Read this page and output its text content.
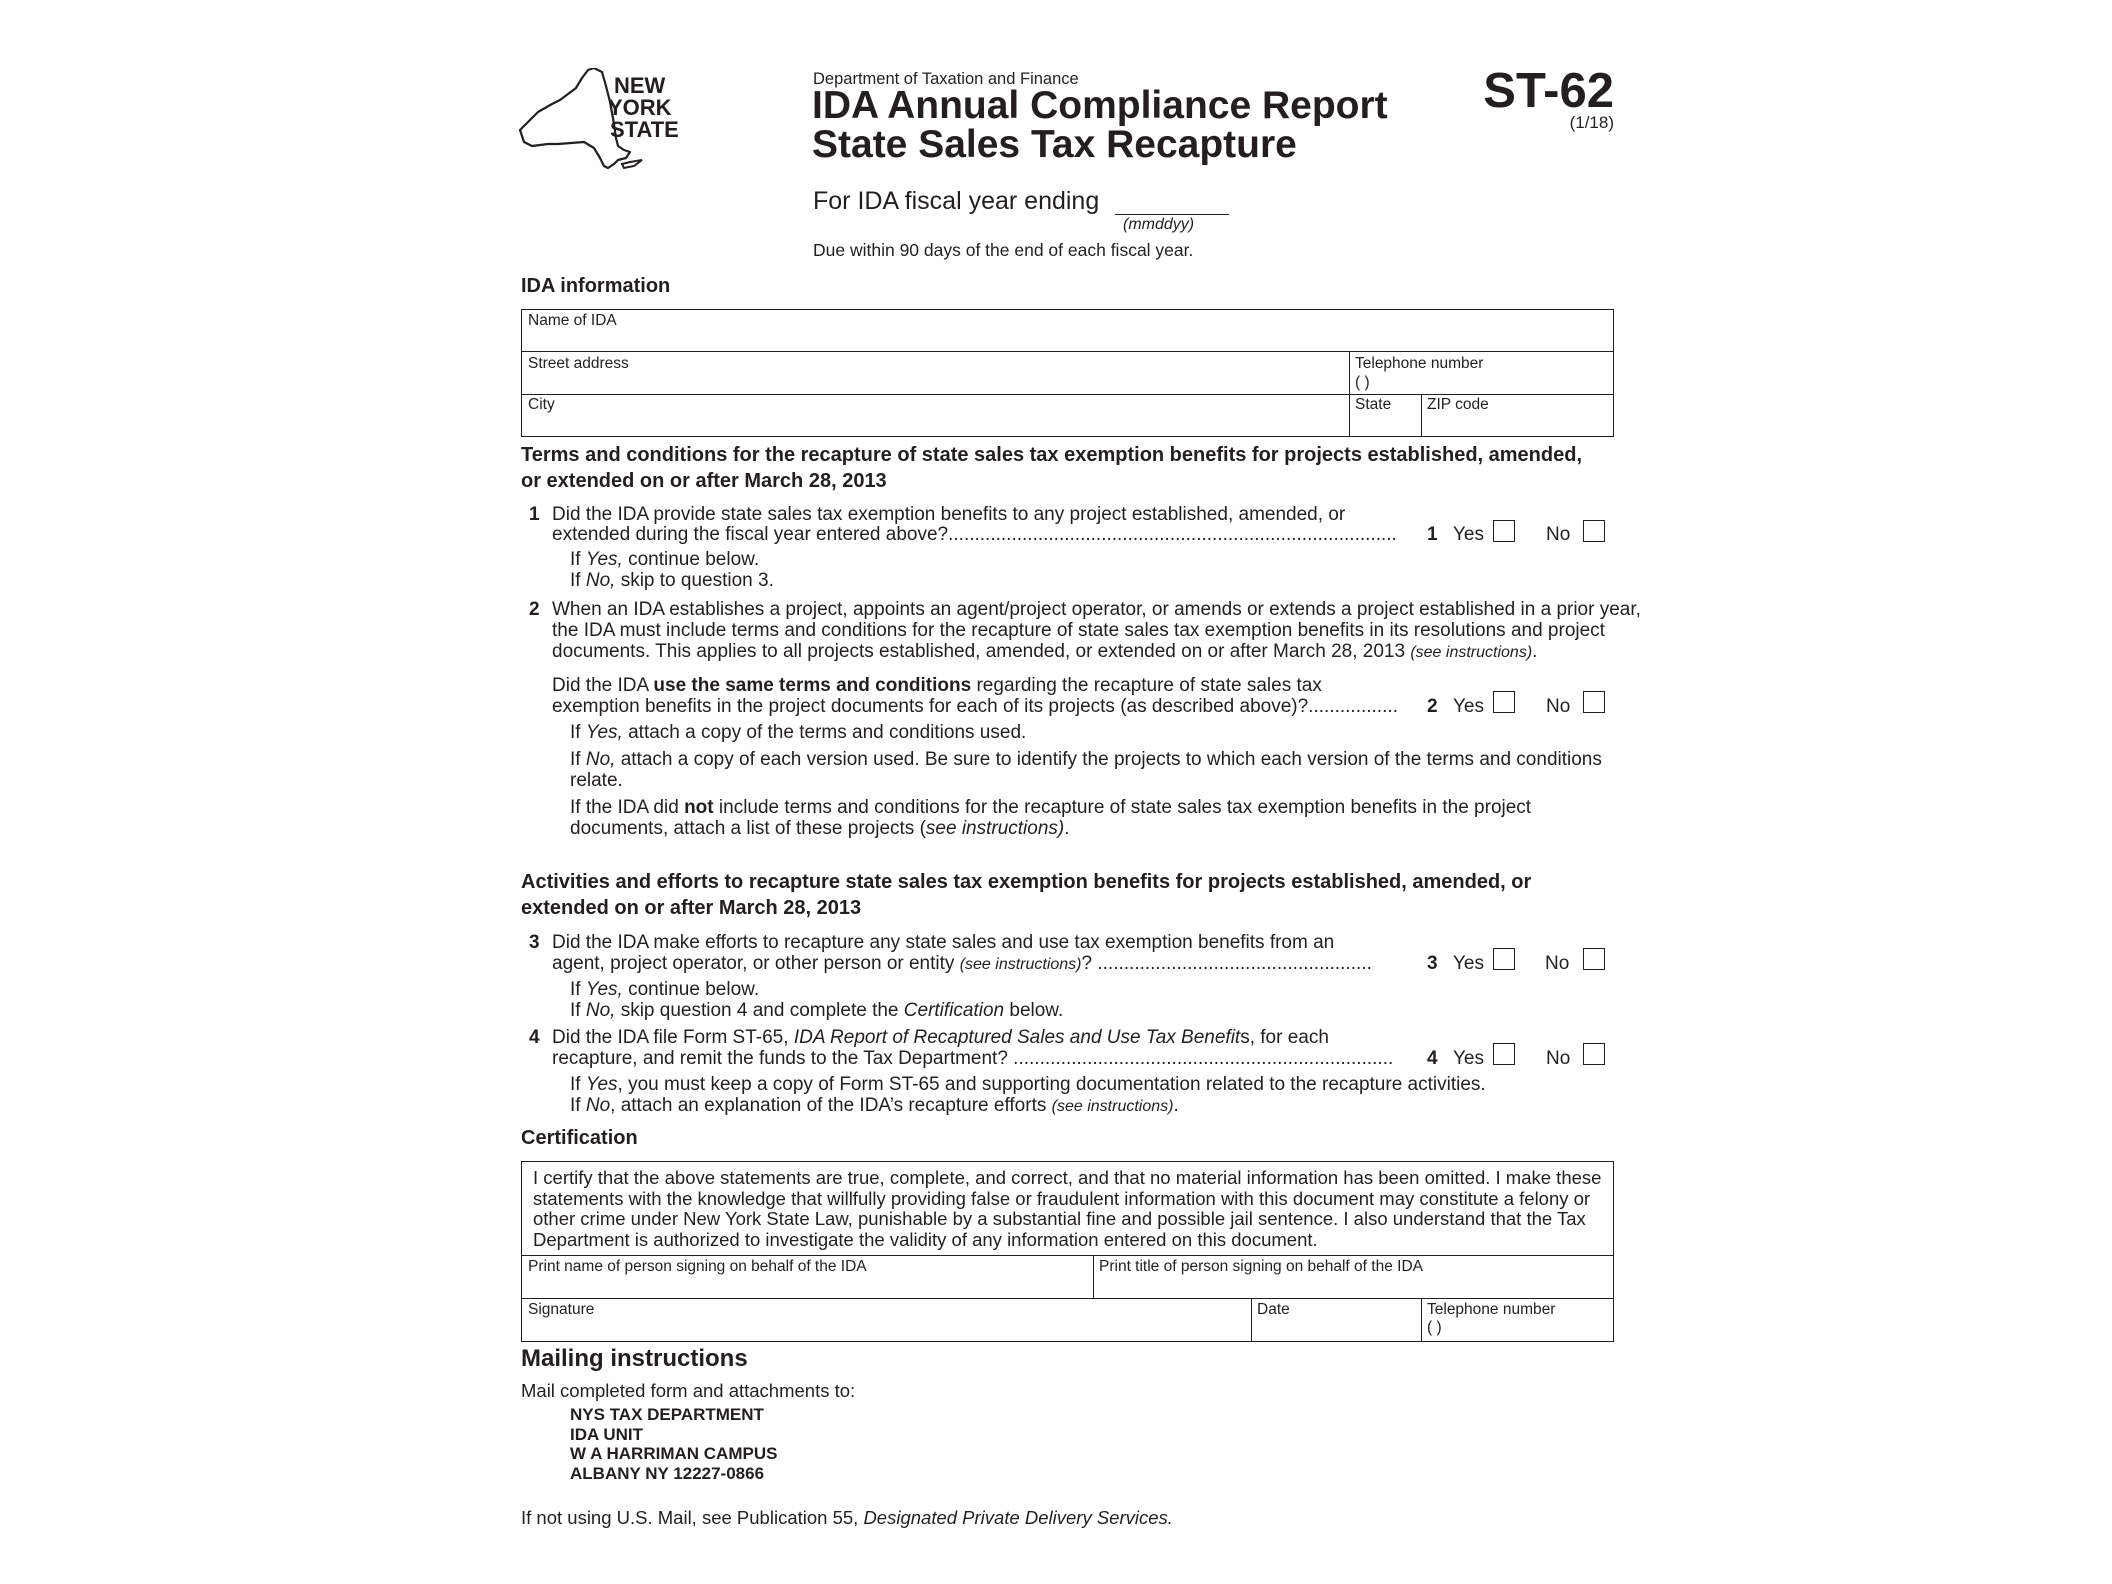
NEW
YORK
STATE
Department of Taxation and Finance
IDA Annual Compliance Report
State Sales Tax Recapture
ST-62
(1/18)
For IDA fiscal year ending
(mmddyy)
Due within 90 days of the end of each fiscal year.
IDA information
Name of IDA
Street address	Telephone number
( )
City	State ZIP code
Terms and conditions for the recapture of state sales tax exemption benefits for projects established, amended,
or extended on or after March 28, 2013
1 Did the IDA provide state sales tax exemption benefits to any project established, amended, or
extended during the fiscal year entered above?..................................................................................... 1 Yes	No
If Yes, continue below.
If No, skip to question 3.
2 When an IDA establishes a project, appoints an agent/project operator, or amends or extends a project established in a prior year,
the IDA must include terms and conditions for the recapture of state sales tax exemption benefits in its resolutions and project
documents. This applies to all projects established, amended, or extended on or after March 28, 2013 (see instructions).
Did the IDA use the same terms and conditions regarding the recapture of state sales tax
exemption benefits in the project documents for each of its projects (as described above)?................. 2 Yes	No
If Yes, attach a copy of the terms and conditions used.
If No, attach a copy of each version used. Be sure to identify the projects to which each version of the terms and conditions
relate.
If the IDA did not include terms and conditions for the recapture of state sales tax exemption benefits in the project
documents, attach a list of these projects (see instructions).
Activities and efforts to recapture state sales tax exemption benefits for projects established, amended, or
extended on or after March 28, 2013
3 Did the IDA make efforts to recapture any state sales and use tax exemption benefits from an
agent, project operator, or other person or entity (see instructions)? ....................................................	3 Yes	No
If Yes, continue below.
If No, skip question 4 and complete the Certification below.
4 Did the IDA file Form ST-65, IDA Report of Recaptured Sales and Use Tax Benefits, for each
recapture, and remit the funds to the Tax Department? ........................................................................ 4 Yes	No
If Yes, you must keep a copy of Form ST-65 and supporting documentation related to the recapture activities.
If No, attach an explanation of the IDA’s recapture efforts (see instructions).
Certification
Print name of person signing on behalf of the IDA	Print title of person signing on behalf of the IDA
Signature	Date	Telephone number
( )
I certify that the above statements are true, complete, and correct, and that no material information has been omitted. I make these statements with the knowledge that willfully providing false or fraudulent information with this document may constitute a felony or other crime under New York State Law, punishable by a substantial fine and possible jail sentence. I also understand that the Tax Department is authorized to investigate the validity of any information entered on this document.
Mailing instructions
Mail completed form and attachments to:
NYS TAX DEPARTMENT
IDA UNIT
W A HARRIMAN CAMPUS
ALBANY NY 12227-0866
If not using U.S. Mail, see Publication 55, Designated Private Delivery Services.
